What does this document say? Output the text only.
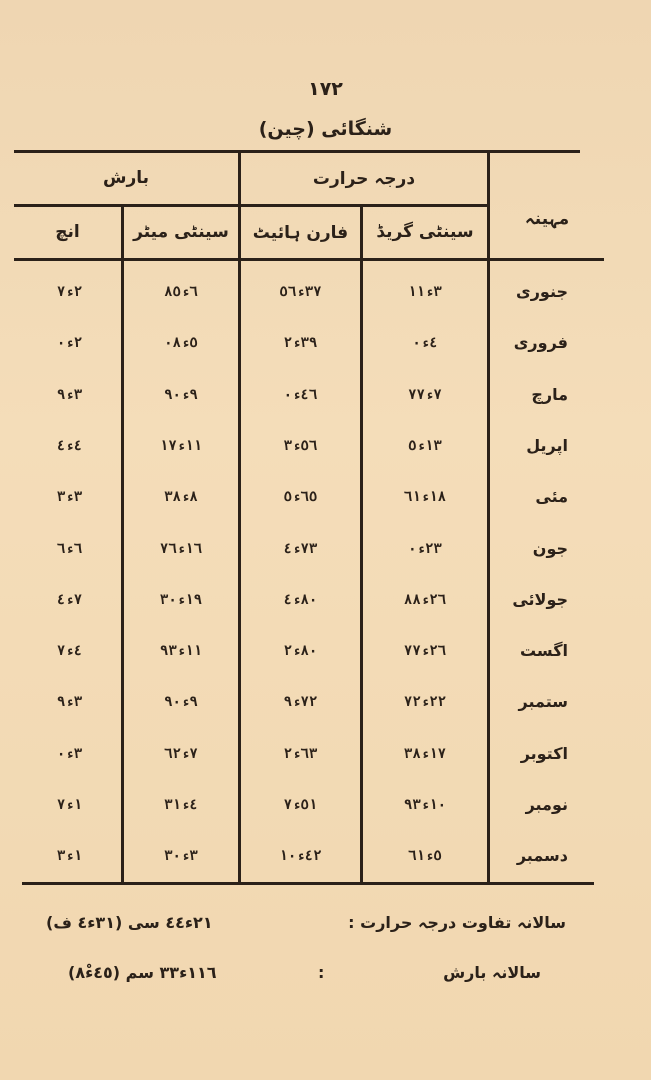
١٧٢
شنگائی (چین)
مہینہ
درجہ حرارت
بارش
سینٹی گریڈ
فارن ہائیٹ
سینٹی میٹر
انچ
جنوری
٣ء١١
٣٧ء٥٦
٦ء٨٥
٢ء٧
فروری
٤ء٠
٣٩ء٢
٥ء٠٨
٢ء٠
مارچ
٧ء٧٧
٤٦ء٠
٩ء٩٠
٣ء٩
اپریل
١٣ء٥
٥٦ء٣
١١ء١٧
٤ء٤
مئی
١٨ء٦١
٦٥ء٥
٨ء٣٨
٣ء٣
جون
٢٣ء٠
٧٣ء٤
١٦ء٧٦
٦ء٦
جولائی
٢٦ء٨٨
٨٠ء٤
١٩ء٣٠
٧ء٤
اگست
٢٦ء٧٧
٨٠ء٢
١١ء٩٣
٤ء٧
ستمبر
٢٢ء٧٢
٧٢ء٩
٩ء٩٠
٣ء٩
اکتوبر
١٧ء٣٨
٦٣ء٢
٧ء٦٢
٣ء٠
نومبر
١٠ء٩٣
٥١ء٧
٤ء٣١
١ء٧
دسمبر
٥ء٦١
٤٢ء١٠
٣ء٣٠
١ء٣
سالانہ تفاوت درجہ حرارت :
٢١ء٤٤ سی (٣١ء٤ ف)
سالانہ بارش
:
١١٦ء٣٣ سم (٤٥ء٨ْ)
